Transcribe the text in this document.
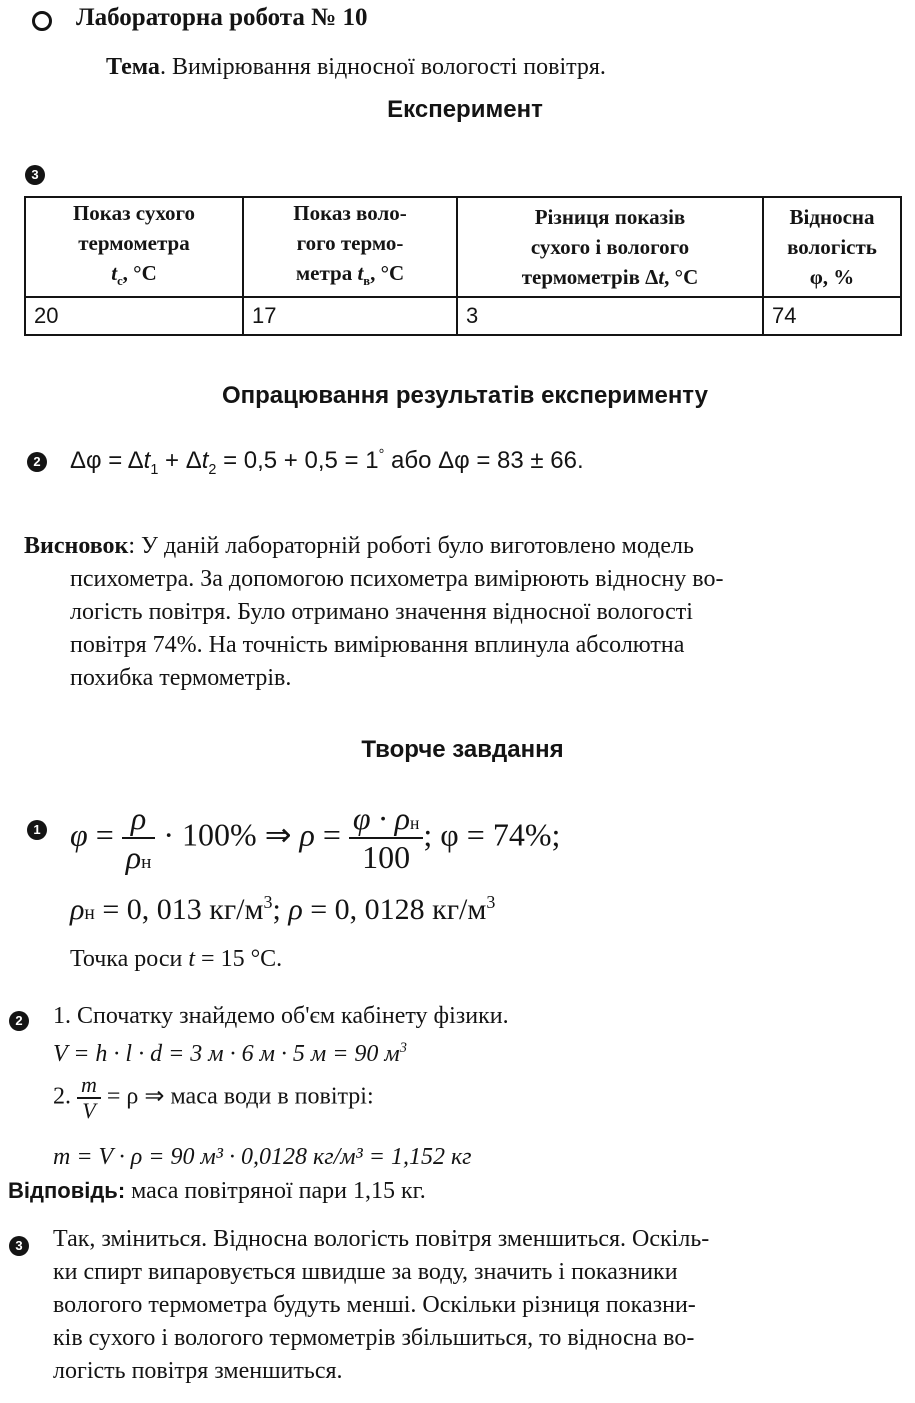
Лабораторна робота № 10
Тема. Вимірювання відносної вологості повітря.
Експеримент
3
Показ сухого
термометра
$t_с$, °С	Показ воло-
гого термо-
метра $t_в$, °С	Різниця показів
сухого і вологого
термометрів Δt, °С	Відносна
вологість
φ, %
20	17	3	74
Опрацювання результатів експерименту
2 $\Delta\varphi = \Delta t_1 + \Delta t_2 = 0,5 + 0,5 = 1^\circ$ або Δφ = 83 ± 66.
Висновок: У даній лабораторній роботі було виготовлено модель
психометра. За допомогою психометра вимірюють відносну во-
логість повітря. Було отримано значення відносної вологості
повітря 74%. На точність вимірювання вплинула абсолютна
похибка термометрів.
Творче завдання
1 $\varphi = \frac{\rho}{\rho н} \cdot 100\%$ ⇒ $\rho = \frac{\varphi \cdot \rho н}{100}$ ; φ = 74%;
ρн = 0, 013 $кг/м^3$; ρ = 0, 0128 $кг/м^3$
Точка роси t = 15 °С.
2 1. Спочатку знайдемо об'єм кабінету фізики.
V = h · l · d = 3 м · 6 м · 5 м = 90 $м^3$
2. $\frac{m}{V} = \rho$ ⇒ маса води в повітрі:
m = V · ρ = 90 м³ · 0,0128 кг/м³ = 1,152 кг
Відповідь: маса повітряної пари 1,15 кг.
3 Так, зміниться. Відносна вологість повітря зменшиться. Оскіль-
ки спирт випаровується швидше за воду, значить і показники
вологого термометра будуть менші. Оскільки різниця показни-
ків сухого і вологого термометрів збільшиться, то відносна во-
логість повітря зменшиться.
